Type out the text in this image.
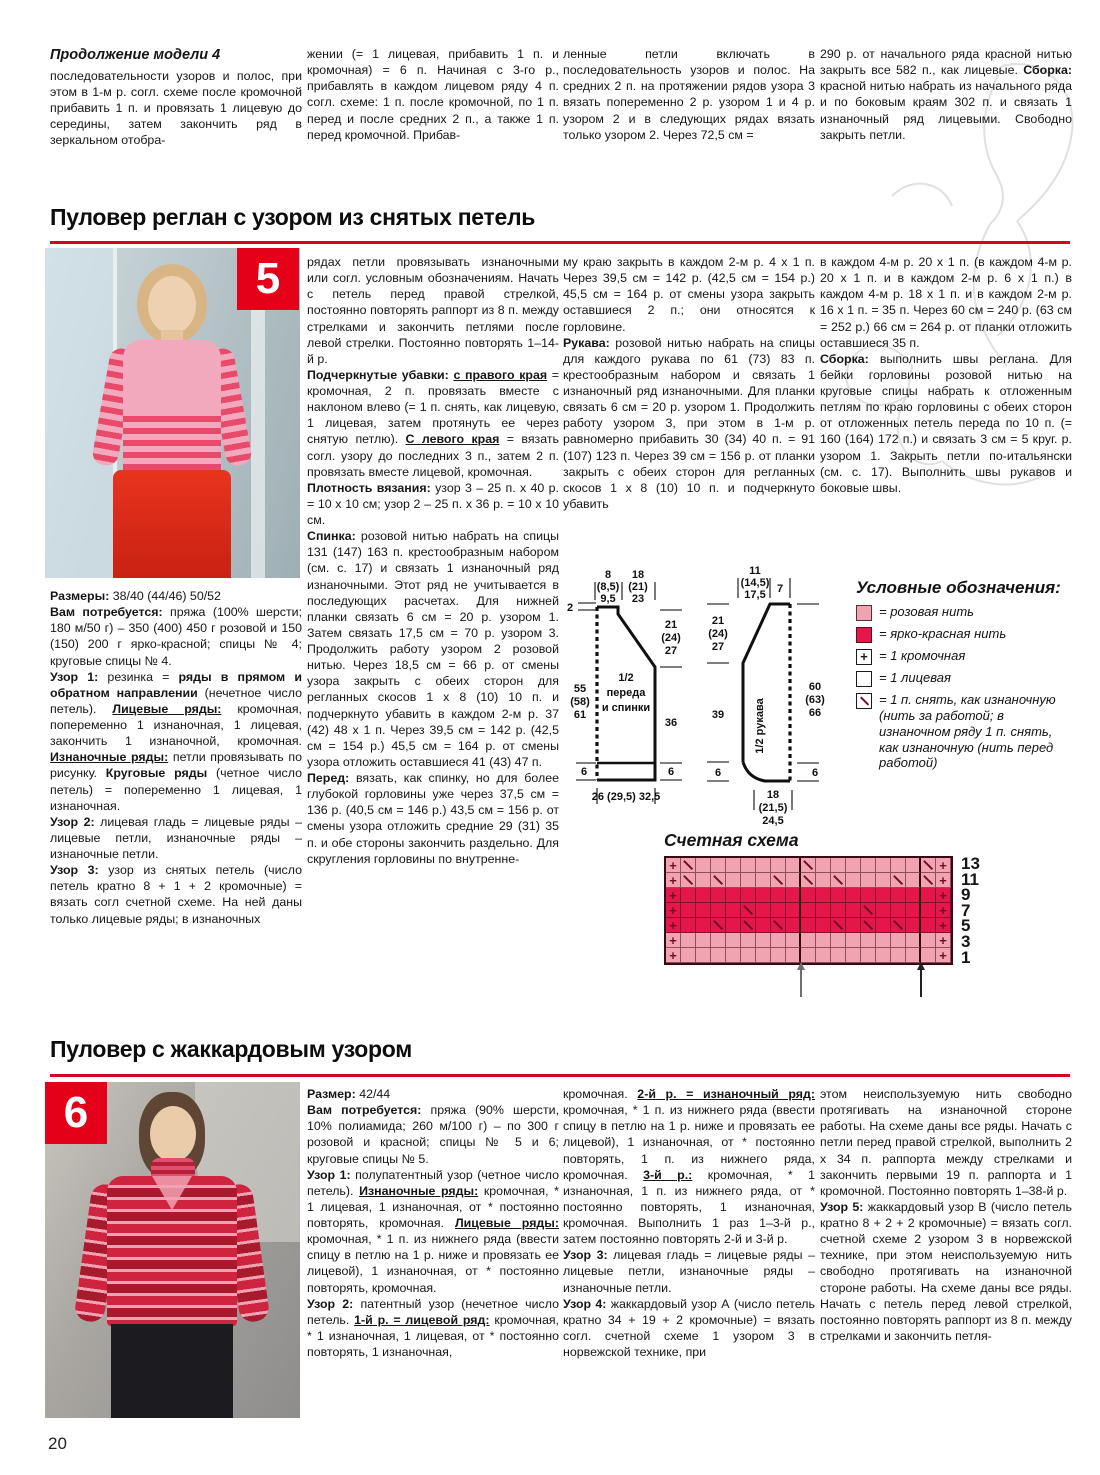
Продолжение модели 4

последовательности узоров и полос, при этом в 1-м р. согл. схеме после кромочной прибавить 1 п. и провязать 1 лицевую до середины, затем закончить ряд в зеркальном отобра-

жении (= 1 лицевая, прибавить 1 п. и кромочная) = 6 п. Начиная с 3-го р., прибавлять в каждом лицевом ряду 4 п. согл. схеме: 1 п. после кромочной, по 1 п. перед и после средних 2 п., а также 1 п. перед кромочной. Прибав-

ленные петли включать в последовательность узоров и полос. На средних 2 п. на протяжении рядов узора 3 вязать попеременно 2 р. узором 1 и 4 р. узором 2 и в следующих рядах вязать только узором 2. Через 72,5 см =

290 р. от начального ряда красной нитью закрыть все 582 п., как лицевые. Сборка: красной нитью набрать из начального ряда и по боковым краям 302 п. и связать 1 изнаночный ряд лицевыми. Свободно закрыть петли.

Пуловер реглан с узором из снятых петель
5

Размеры: 38/40 (44/46) 50/52

Вам потребуется: пряжа (100% шерсти; 180 м/50 г) – 350 (400) 450 г розовой и 150 (150) 200 г ярко-красной; спицы № 4; круговые спицы № 4.

Узор 1: резинка = ряды в прямом и обратном направлении (нечетное число петель). Лицевые ряды: кромочная, попеременно 1 изнаночная, 1 лицевая, закончить 1 изнаночной, кромочная. Изнаночные ряды: петли провязывать по рисунку. Круговые ряды (четное число петель) = попеременно 1 лицевая, 1 изнаночная.

Узор 2: лицевая гладь = лицевые ряды – лицевые петли, изнаночные ряды – изнаночные петли.

Узор 3: узор из снятых петель (число петель кратно 8 + 1 + 2 кромочные) = вязать согл счетной схеме. На ней даны только лицевые ряды; в изнаночных

рядах петли провязывать изнаночными или согл. условным обозначениям. Начать с петель перед правой стрелкой, постоянно повторять раппорт из 8 п. между стрелками и закончить петлями после левой стрелки. Постоянно повторять 1–14-й р.

Подчеркнутые убавки: с правого края = кромочная, 2 п. провязать вместе с наклоном влево (= 1 п. снять, как лицевую, 1 лицевая, затем протянуть ее через снятую петлю). С левого края = вязать согл. узору до последних 3 п., затем 2 п. провязать вместе лицевой, кромочная.

Плотность вязания: узор 3 – 25 п. х 40 р. = 10 х 10 см; узор 2 – 25 п. х 36 р. = 10 х 10 см.

Спинка: розовой нитью набрать на спицы 131 (147) 163 п. крестообразным набором (см. с. 17) и связать 1 изнаночный ряд изнаночными. Этот ряд не учитывается в последующих расчетах. Для нижней планки связать 6 см = 20 р. узором 1. Затем связать 17,5 см = 70 р. узором 3. Продолжить работу узором 2 розовой нитью. Через 18,5 см = 66 р. от смены узора закрыть с обеих сторон для регланных скосов 1 х 8 (10) 10 п. и подчеркнуто убавить в каждом 2-м р. 37 (42) 48 х 1 п. Через 39,5 см = 142 р. (42,5 см = 154 р.) 45,5 см = 164 р. от смены узора отложить оставшиеся 41 (43) 47 п.

Перед: вязать, как спинку, но для более глубокой горловины уже через 37,5 см = 136 р. (40,5 см = 146 р.) 43,5 см = 156 р. от смены узора отложить средние 29 (31) 35 п. и обе стороны закончить раздельно. Для скругления горловины по внутренне-

му краю закрыть в каждом 2-м р. 4 х 1 п. Через 39,5 см = 142 р. (42,5 см = 154 р.) 45,5 см = 164 р. от смены узора закрыть оставшиеся 2 п.; они относятся к горловине.

Рукава: розовой нитью набрать на спицы для каждого рукава по 61 (73) 83 п. крестообразным набором и связать 1 изнаночный ряд изнаночными. Для планки связать 6 см = 20 р. узором 1. Продолжить работу узором 3, при этом в 1-м р. равномерно прибавить 30 (34) 40 п. = 91 (107) 123 п. Через 39 см = 156 р. от планки закрыть с обеих сторон для регланных скосов 1 х 8 (10) 10 п. и подчеркнуто убавить

в каждом 4-м р. 20 х 1 п. (в каждом 4-м р. 20 х 1 п. и в каждом 2-м р. 6 х 1 п.) в каждом 4-м р. 18 х 1 п. и в каждом 2-м р. 16 х 1 п. = 35 п. Через 60 см = 240 р. (63 см = 252 р.) 66 см = 264 р. от планки отложить оставшиеся 35 п.

Сборка: выполнить швы реглана. Для бейки горловины розовой нитью на круговые спицы набрать к отложенным петлям по краю горловины с обеих сторон от отложенных петель переда по 10 п. (= 160 (164) 172 п.) и связать 3 см = 5 круг. р. узором 1. Закрыть петли по-итальянски (см. с. 17). Выполнить швы рукавов и боковые швы.

8
(8,5)
9,5
18
(21)
23
2
55
(58)
61
6
21
(24)
27
36
6
26 (29,5) 32,5
1/2
переда
и спинки
11
(14,5)
17,5 7
21
(24)
27
39
6
60
(63)
66
6
18
(21,5)
24,5
1/2 рукава
Условные обозначения:
= розовая нить
= ярко-красная нить
+ = 1 кромочная
= 1 лицевая
= 1 п. снять, как изнаночную (нить за работой; в изнаночном ряду 1 п. снять, как изнаночную (нить перед работой)
Счетная схема
+	+
+	+
+	+
+	+
+	+
+	+
+	+
13
11
9
7
5
3
1
Пуловер с жаккардовым узором
6	Размер: 42/44

Вам потребуется: пряжа (90% шерсти, 10% полиамида; 260 м/100 г) – по 300 г розовой и красной; спицы № 5 и 6; круговые спицы № 5.

Узор 1: полупатентный узор (четное число петель). Изнаночные ряды: кромочная, * 1 лицевая, 1 изнаночная, от * постоянно повторять, кромочная. Лицевые ряды: кромочная, * 1 п. из нижнего ряда (ввести спицу в петлю на 1 р. ниже и провязать ее лицевой), 1 изнаночная, от * постоянно повторять, кромочная.

Узор 2: патентный узор (нечетное число петель. 1-й р. = лицевой ряд: кромочная, * 1 изнаночная, 1 лицевая, от * постоянно повторять, 1 изнаночная,

кромочная. 2-й р. = изнаночный ряд: кромочная, * 1 п. из нижнего ряда (ввести спицу в петлю на 1 р. ниже и провязать ее лицевой), 1 изнаночная, от * постоянно повторять, 1 п. из нижнего ряда, кромочная. 3-й р.: кромочная, * 1 изнаночная, 1 п. из нижнего ряда, от * постоянно повторять, 1 изнаночная, кромочная. Выполнить 1 раз 1–3-й р., затем постоянно повторять 2-й и 3-й р.

Узор 3: лицевая гладь = лицевые ряды – лицевые петли, изнаночные ряды – изнаночные петли.

Узор 4: жаккардовый узор А (число петель кратно 34 + 19 + 2 кромочные) = вязать согл. счетной схеме 1 узором 3 в норвежской технике, при

этом неиспользуемую нить свободно протягивать на изнаночной стороне работы. На схеме даны все ряды. Начать с петли перед правой стрелкой, выполнить 2 х 34 п. раппорта между стрелками и закончить первыми 19 п. раппорта и 1 кромочной. Постоянно повторять 1–38-й р.

Узор 5: жаккардовый узор В (число петель кратно 8 + 2 + 2 кромочные) = вязать согл. счетной схеме 2 узором 3 в норвежской технике, при этом неиспользуемую нить свободно протягивать на изнаночной стороне работы. На схеме даны все ряды. Начать с петель перед левой стрелкой, постоянно повторять раппорт из 8 п. между стрелками и закончить петля-

20
